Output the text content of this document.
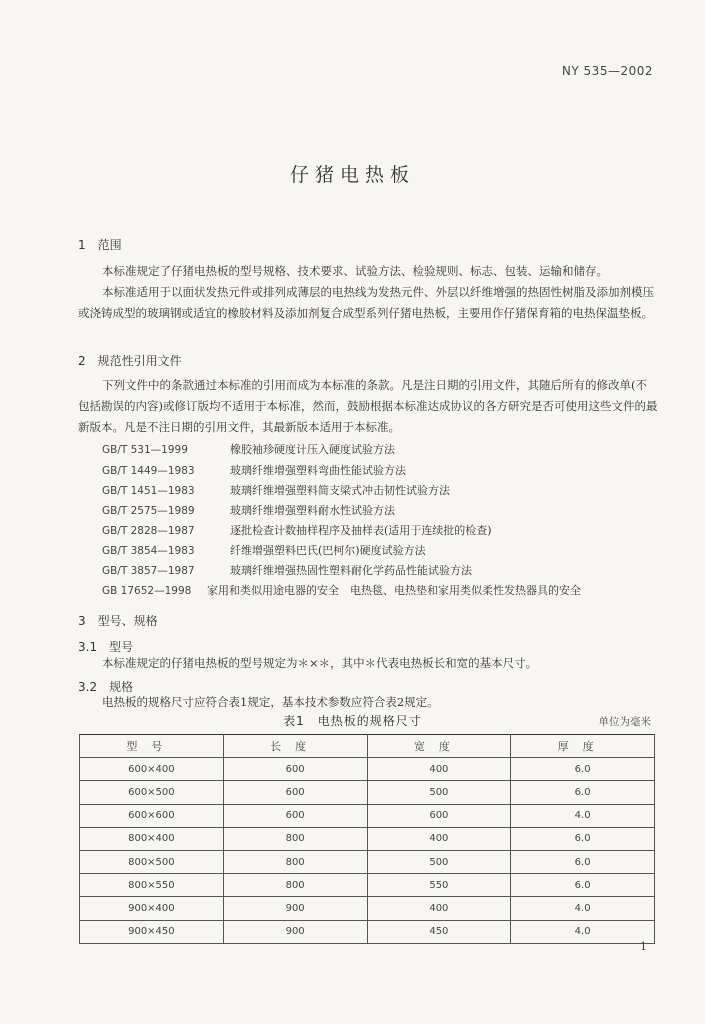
NY 535—2002
仔猪电热板
1　范围
本标准规定了仔猪电热板的型号规格、技术要求、试验方法、检验规则、标志、包装、运输和储存。
本标准适用于以面状发热元件或排列成薄层的电热线为发热元件、外层以纤维增强的热固性树脂及添加剂模压或浇铸成型的玻璃钢或适宜的橡胶材料及添加剂复合成型系列仔猪电热板，主要用作仔猪保育箱的电热保温垫板。
2　规范性引用文件
下列文件中的条款通过本标准的引用而成为本标准的条款。凡是注日期的引用文件，其随后所有的修改单(不包括勘误的内容)或修订版均不适用于本标准，然而，鼓励根据本标准达成协议的各方研究是否可使用这些文件的最新版本。凡是不注日期的引用文件，其最新版本适用于本标准。
GB/T 531—1999	橡胶袖珍硬度计压入硬度试验方法
GB/T 1449—1983	玻璃纤维增强塑料弯曲性能试验方法
GB/T 1451—1983	玻璃纤维增强塑料简支梁式冲击韧性试验方法
GB/T 2575—1989	玻璃纤维增强塑料耐水性试验方法
GB/T 2828—1987	逐批检查计数抽样程序及抽样表(适用于连续批的检查)
GB/T 3854—1983	纤维增强塑料巴氏(巴柯尔)硬度试验方法
GB/T 3857—1987	玻璃纤维增强热固性塑料耐化学药品性能试验方法
GB 17652—1998 家用和类似用途电器的安全　电热毯、电热垫和家用类似柔性发热器具的安全
3　型号、规格
3.1　型号
本标准规定的仔猪电热板的型号规定为＊×＊，其中＊代表电热板长和宽的基本尺寸。
3.2　规格
电热板的规格尺寸应符合表1规定，基本技术参数应符合表2规定。
表1　电热板的规格尺寸	单位为毫米
型号	长度	宽度	厚度
600×400	600	400	6.0
600×500	600	500	6.0
600×600	600	600	4.0
800×400	800	400	6.0
800×500	800	500	6.0
800×550	800	550	6.0
900×400	900	400	4.0
900×450	900	450	4.0
1
